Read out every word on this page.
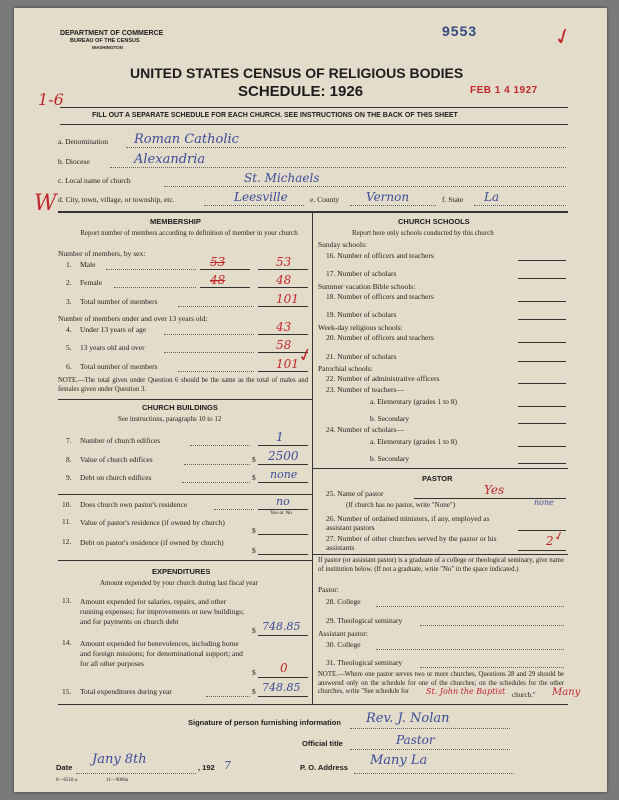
DEPARTMENT OF COMMERCE
BUREAU OF THE CENSUS
WASHINGTON
9553	✓
UNITED STATES CENSUS OF RELIGIOUS BODIES
SCHEDULE: 1926	FEB 1 4 1927
1-6
W
FILL OUT A SEPARATE SCHEDULE FOR EACH CHURCH. SEE INSTRUCTIONS ON THE BACK OF THIS SHEET
a. Denomination Roman Catholic
b. Diocese	Alexandria
c. Local name of church	St. Michaels
d. City, town, village, or township, etc.	Leesville	e. County Vernon	f. State La
MEMBERSHIP
Report number of members according to definition of member in your church
Number of members, by sex:
1. Male	53	53
2. Female	48	48
3. Total number of members	101
Number of members under and over 13 years old:
4. Under 13 years of age	43
5. 13 years old and over	58
6. Total number of members	101
✓
NOTE.—The total given under Question 6 should be the same as the total of males and females given under Question 3.
CHURCH BUILDINGS
See instructions, paragraphs 10 to 12
7. Number of church edifices	1
8. Value of church edifices	$ 2500
9. Debt on church edifices	$ none
10. Does church own pastor's residence	no
Yes or No
11. Value of pastor's residence (if owned by church)
$
12. Debt on pastor's residence (if owned by church)
$
EXPENDITURES
Amount expended by your church during last fiscal year
13. Amount expended for salaries, repairs, and other running expenses; for improvements or new buildings; and for payments on church debt
$ 748.85
14. Amount expended for benevolences, including home and foreign missions; for denominational support; and for all other purposes
$ 0
15. Total expenditures during year	$ 748.85
CHURCH SCHOOLS
Report here only schools conducted by this church
Sunday schools:
16. Number of officers and teachers
17. Number of scholars
Summer vacation Bible schools:
18. Number of officers and teachers
19. Number of scholars
Week-day religious schools:
20. Number of officers and teachers
21. Number of scholars
Parochial schools:
22. Number of administrative officers
23. Number of teachers—
a. Elementary (grades 1 to 8)
b. Secondary
24. Number of scholars—
a. Elementary (grades 1 to 8)
b. Secondary
PASTOR
25. Name of pastor	Yes
(If church has no pastor, write "None")	none
26. Number of ordained ministers, if any, employed as assistant pastors
27. Number of other churches served by the pastor or his assistants	2
✓
If pastor (or assistant pastor) is a graduate of a college or theological seminary, give name of institution below. (If not a graduate, write "No" in the space indicated.)
Pastor:
28. College
29. Theological seminary
Assistant pastor:
30. College
31. Theological seminary
NOTE.—Where one pastor serves two or more churches, Questions 28 and 29 should be answered only on the schedule for one of the churches; on the schedules for the other churches, write "See schedule for	St. John the Baptist church." Many
Signature of person furnishing information Rev. J. Nolan
Official title	Pastor
Date
Jany 8th
, 192 7	P. O. Address Many La
6—6518 a	11—9066a
